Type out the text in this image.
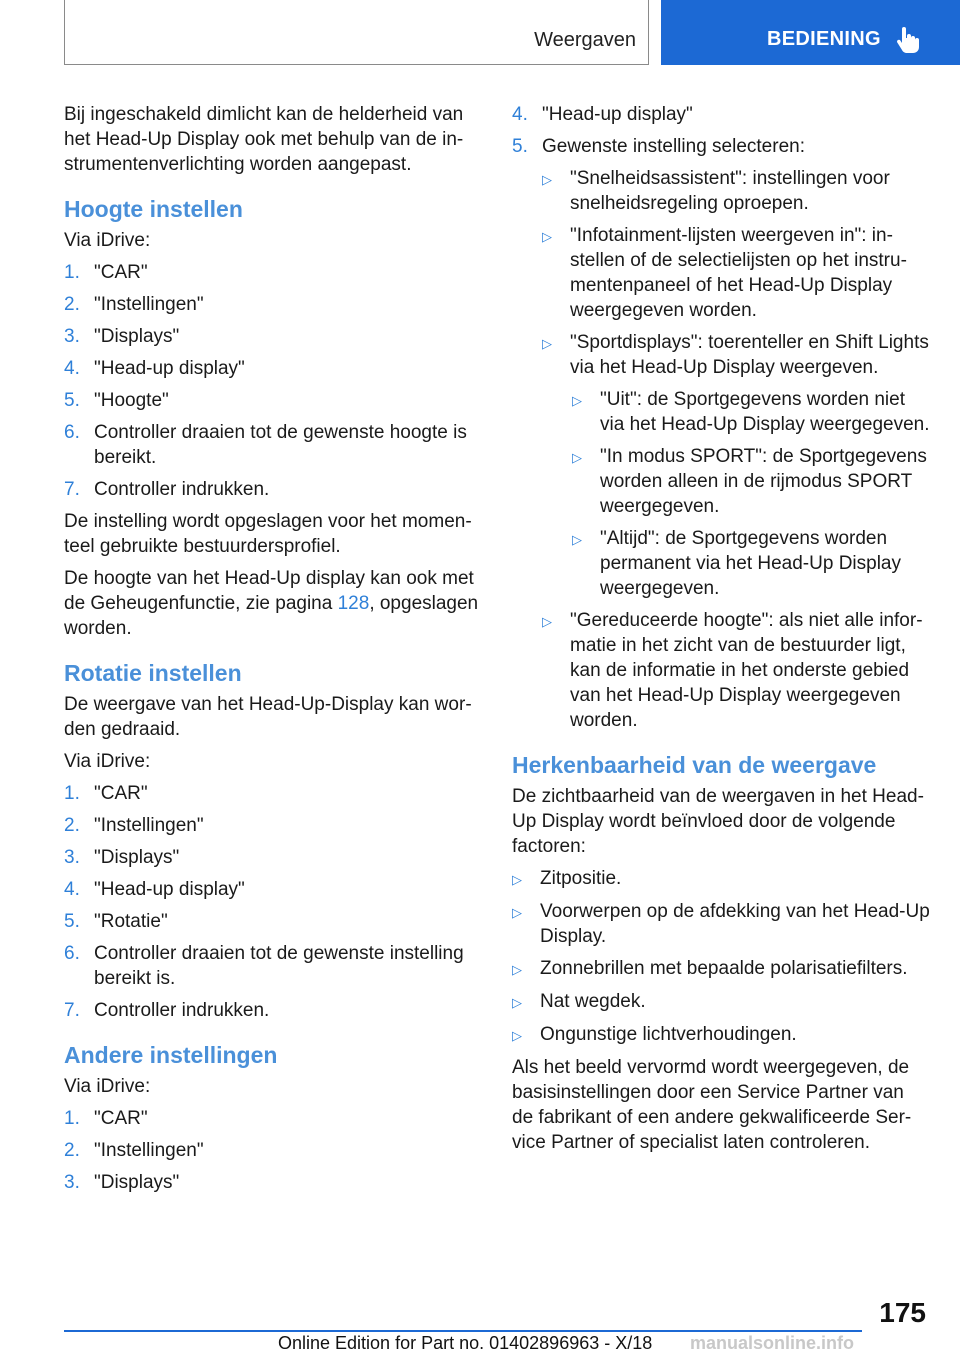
Weergaven	BEDIENING

Bij ingeschakeld dimlicht kan de helderheid van het Head-Up Display ook met behulp van de instrumentenverlichting worden aangepast.

Hoogte instellen

Via iDrive:

1. "CAR"
2. "Instellingen"
3. "Displays"
4. "Head-up display"
5. "Hoogte"
6. Controller draaien tot de gewenste hoogte is bereikt.
7. Controller indrukken.

De instelling wordt opgeslagen voor het momenteel gebruikte bestuurdersprofiel.

De hoogte van het Head-Up display kan ook met de Geheugenfunctie, zie pagina 128, opgeslagen worden.

Rotatie instellen

De weergave van het Head-Up-Display kan worden gedraaid.

Via iDrive:

1. "CAR"
2. "Instellingen"
3. "Displays"
4. "Head-up display"
5. "Rotatie"
6. Controller draaien tot de gewenste instelling bereikt is.
7. Controller indrukken.
Andere instellingen

Via iDrive:

1. "CAR"
2. "Instellingen"
3. "Displays"
4. "Head-up display"
5. Gewenste instelling selecteren:
▷ "Snelheidsassistent": instellingen voor snelheidsregeling oproepen.
▷ "Infotainment-lijsten weergeven in": instellen of de selectielijsten op het instrumentenpaneel of het Head-Up Display weergegeven worden.
▷ "Sportdisplays": toerenteller en Shift Lights via het Head-Up Display weergeven.
▷ "Uit": de Sportgegevens worden niet via het Head-Up Display weergegeven.
▷ "In modus SPORT": de Sportgegevens worden alleen in de rijmodus SPORT weergegeven.
▷ "Altijd": de Sportgegevens worden permanent via het Head-Up Display weergegeven.
▷ "Gereduceerde hoogte": als niet alle informatie in het zicht van de bestuurder ligt, kan de informatie in het onderste gebied van het Head-Up Display weergegeven worden.
Herkenbaarheid van de weergave

De zichtbaarheid van de weergaven in het Head-Up Display wordt beïnvloed door de volgende factoren:

▷ Zitpositie.
▷ Voorwerpen op de afdekking van het Head-Up Display.
▷ Zonnebrillen met bepaalde polarisatiefilters.
▷ Nat wegdek.
▷ Ongunstige lichtverhoudingen.

Als het beeld vervormd wordt weergegeven, de basisinstellingen door een Service Partner van de fabrikant of een andere gekwalificeerde Service Partner of specialist laten controleren.

175
Online Edition for Part no. 01402896963 - X/18 manualsonline.info
